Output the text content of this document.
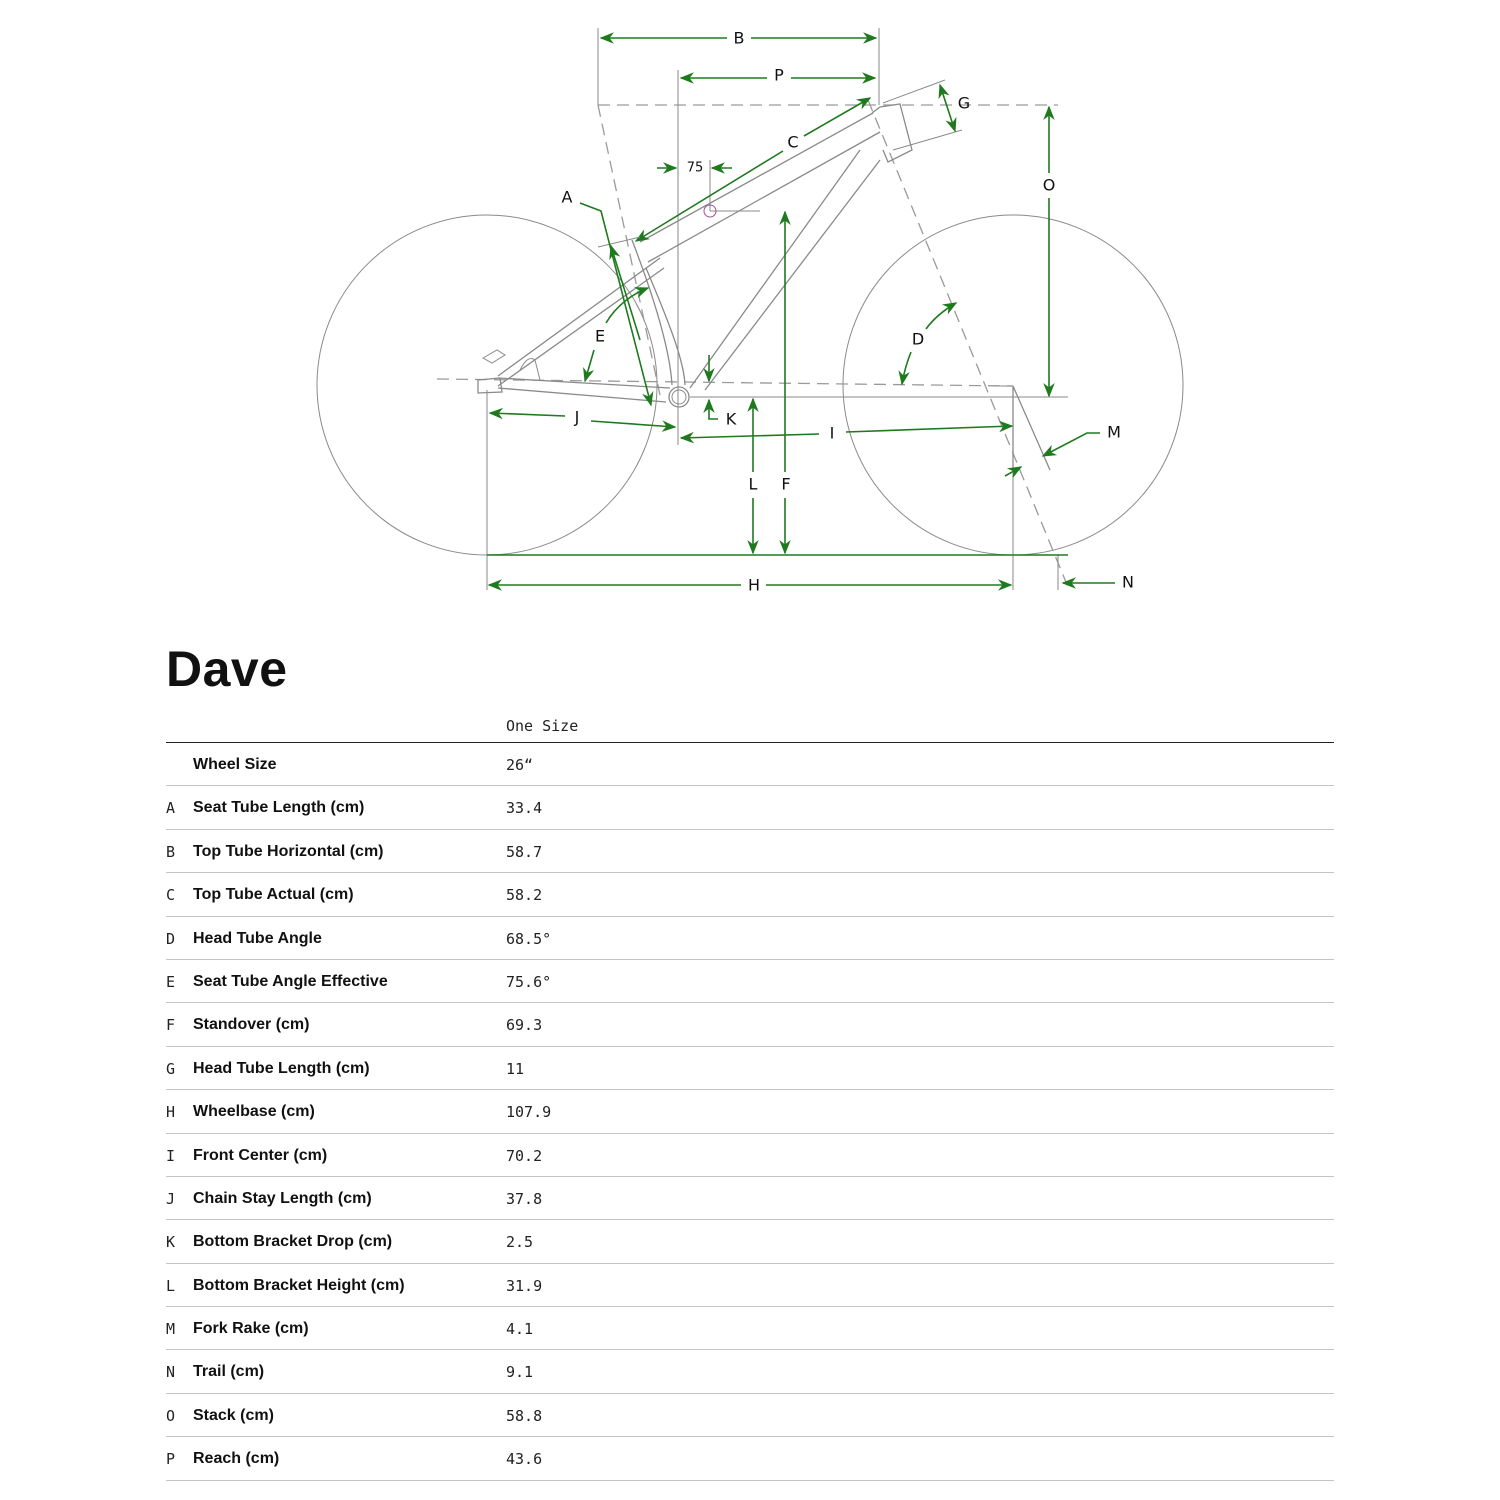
B
P
C
G
O
75
A
E
J	K
I
L F
H
D
M
N
Dave
One Size
Wheel Size	26“
A Seat Tube Length (cm)	33.4
B Top Tube Horizontal (cm)	58.7
C Top Tube Actual (cm)	58.2
D Head Tube Angle	68.5°
E Seat Tube Angle Effective	75.6°
F Standover (cm)	69.3
G Head Tube Length (cm)	11
H Wheelbase (cm)	107.9
I Front Center (cm)	70.2
J Chain Stay Length (cm)	37.8
K Bottom Bracket Drop (cm)	2.5
L Bottom Bracket Height (cm)	31.9
M Fork Rake (cm)	4.1
N Trail (cm)	9.1
O Stack (cm)	58.8
P Reach (cm)	43.6
